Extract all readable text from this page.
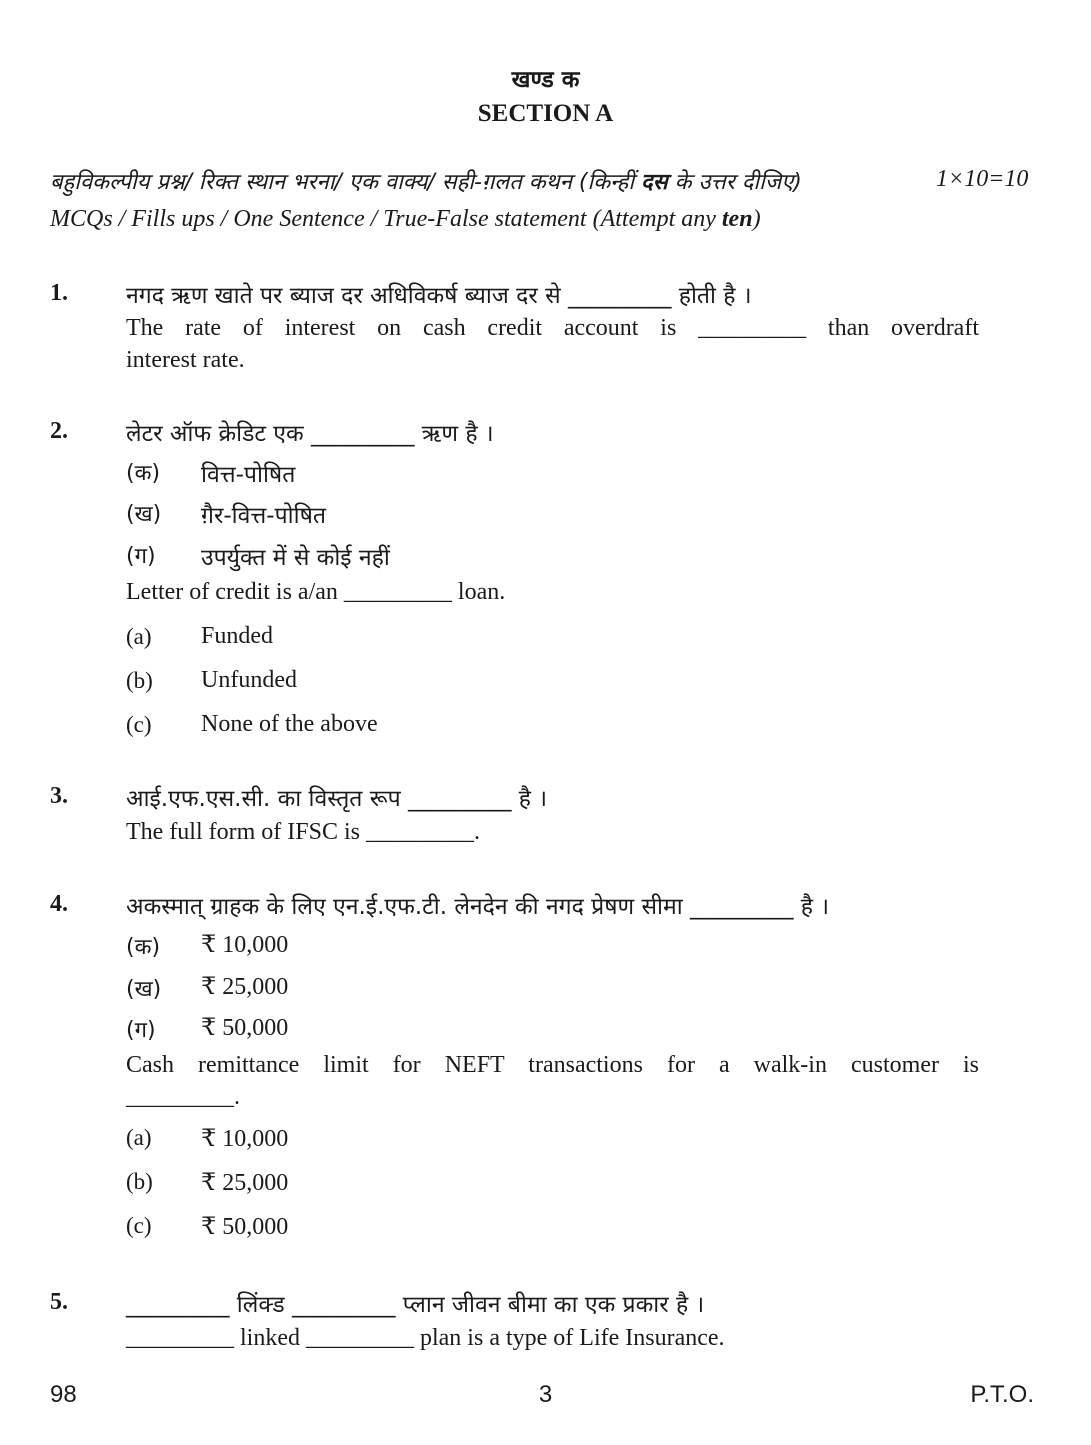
खण्ड क
SECTION A
बहुविकल्पीय प्रश्न/ रिक्त स्थान भरना/ एक वाक्य/ सही-ग़लत कथन (किन्हीं दस के उत्तर दीजिए)	1×10=10
MCQs / Fills ups / One Sentence / True-False statement (Attempt any ten)
1.	नगद ऋण खाते पर ब्याज दर अधिविकर्ष ब्याज दर से _________ होती है ।
The rate of interest on cash credit account is _________ than overdraft
interest rate.
2.	लेटर ऑफ क्रेडिट एक _________ ऋण है ।
(क) वित्त-पोषित
(ख) ग़ैर-वित्त-पोषित
(ग) उपर्युक्त में से कोई नहीं
Letter of credit is a/an _________ loan.
(a) Funded
(b) Unfunded
(c) None of the above
3.	आई.एफ.एस.सी. का विस्तृत रूप _________ है ।
The full form of IFSC is _________.
4.	अकस्मात् ग्राहक के लिए एन.ई.एफ.टी. लेनदेन की नगद प्रेषण सीमा _________ है ।
(क) ₹ 10,000
(ख) ₹ 25,000
(ग) ₹ 50,000
Cash remittance limit for NEFT transactions for a walk-in customer is
_________.
(a) ₹ 10,000
(b) ₹ 25,000
(c) ₹ 50,000
5.	_________ लिंक्ड _________ प्लान जीवन बीमा का एक प्रकार है ।
_________ linked _________ plan is a type of Life Insurance.
98	3	P.T.O.
